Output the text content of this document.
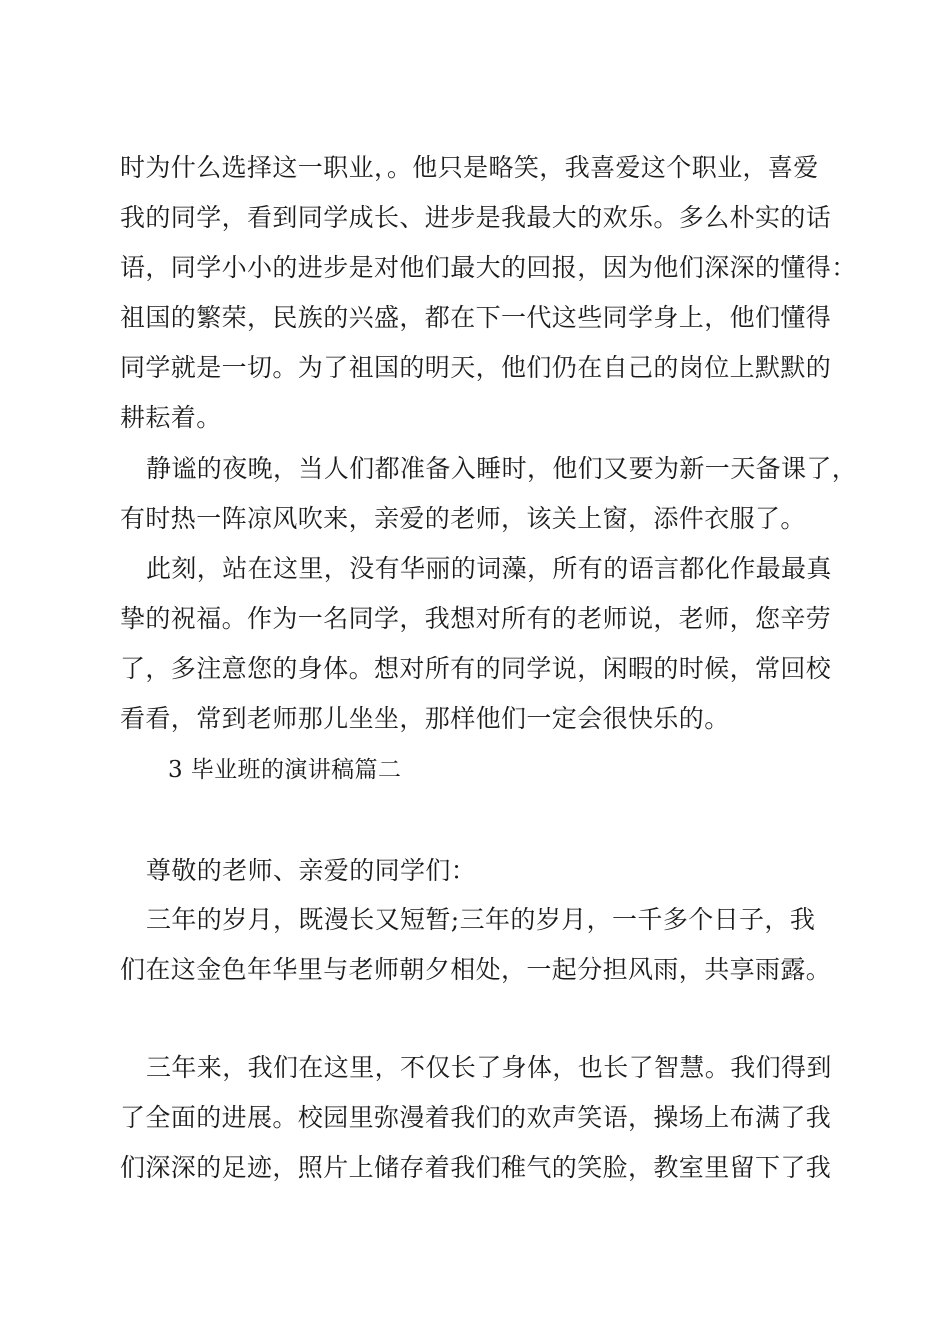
时为什么选择这一职业，。他只是略笑，我喜爱这个职业，喜爱

我的同学，看到同学成长、进步是我最大的欢乐。多么朴实的话

语，同学小小的进步是对他们最大的回报，因为他们深深的懂得：

祖国的繁荣，民族的兴盛，都在下一代这些同学身上，他们懂得

同学就是一切。为了祖国的明天，他们仍在自己的岗位上默默的

耕耘着。

静谧的夜晚，当人们都准备入睡时，他们又要为新一天备课了，

有时热一阵凉风吹来，亲爱的老师，该关上窗，添件衣服了。

此刻，站在这里，没有华丽的词藻，所有的语言都化作最最真

挚的祝福。作为一名同学，我想对所有的老师说，老师，您辛劳

了，多注意您的身体。想对所有的同学说，闲暇的时候，常回校

看看，常到老师那儿坐坐，那样他们一定会很快乐的。

3 毕业班的演讲稿篇二

尊敬的老师、亲爱的同学们：

三年的岁月，既漫长又短暂;三年的岁月，一千多个日子，我

们在这金色年华里与老师朝夕相处，一起分担风雨，共享雨露。

三年来，我们在这里，不仅长了身体，也长了智慧。我们得到

了全面的进展。校园里弥漫着我们的欢声笑语，操场上布满了我

们深深的足迹，照片上储存着我们稚气的笑脸，教室里留下了我
